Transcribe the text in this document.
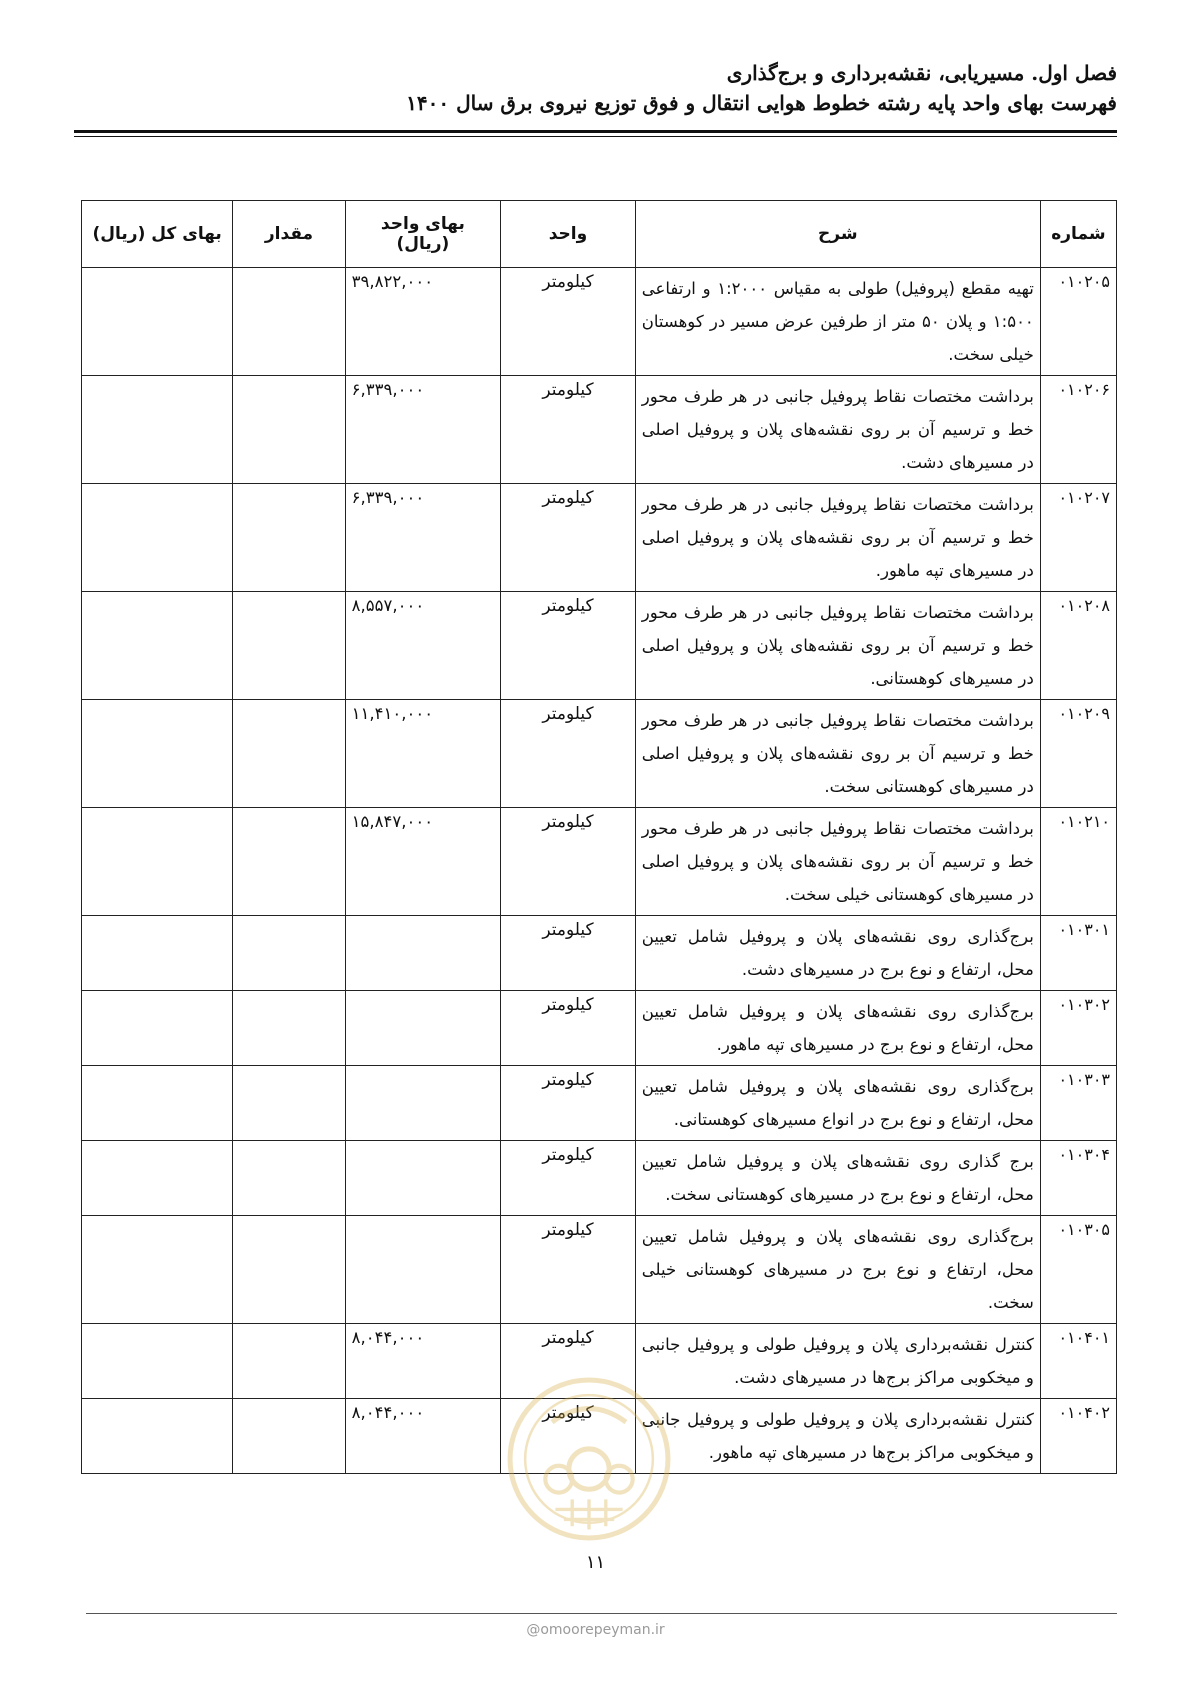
فصل اول. مسیریابی، نقشه‌برداری و برج‌گذاری
فهرست بهای واحد پایه رشته خطوط هوایی انتقال و فوق توزیع نیروی برق سال ۱۴۰۰
شماره	شرح	واحد	بهای واحد (ریال)	مقدار	بهای کل (ریال)
۰۱۰۲۰۵	تهیه مقطع (پروفیل) طولی به مقیاس ۱:۲۰۰۰ و ارتفاعی ۱:۵۰۰ و پلان ۵۰ متر از طرفین عرض مسیر در کوهستان خیلی سخت.	کیلومتر	۳۹,۸۲۲,۰۰۰		
۰۱۰۲۰۶	برداشت مختصات نقاط پروفیل جانبی در هر طرف محور خط و ترسیم آن بر روی نقشه‌های پلان و پروفیل اصلی در مسیرهای دشت.	کیلومتر	۶,۳۳۹,۰۰۰		
۰۱۰۲۰۷	برداشت مختصات نقاط پروفیل جانبی در هر طرف محور خط و ترسیم آن بر روی نقشه‌های پلان و پروفیل اصلی در مسیرهای تپه ماهور.	کیلومتر	۶,۳۳۹,۰۰۰		
۰۱۰۲۰۸	برداشت مختصات نقاط پروفیل جانبی در هر طرف محور خط و ترسیم آن بر روی نقشه‌های پلان و پروفیل اصلی در مسیرهای کوهستانی.	کیلومتر	۸,۵۵۷,۰۰۰		
۰۱۰۲۰۹	برداشت مختصات نقاط پروفیل جانبی در هر طرف محور خط و ترسیم آن بر روی نقشه‌های پلان و پروفیل اصلی در مسیرهای کوهستانی سخت.	کیلومتر	۱۱,۴۱۰,۰۰۰		
۰۱۰۲۱۰	برداشت مختصات نقاط پروفیل جانبی در هر طرف محور خط و ترسیم آن بر روی نقشه‌های پلان و پروفیل اصلی در مسیرهای کوهستانی خیلی سخت.	کیلومتر	۱۵,۸۴۷,۰۰۰		
۰۱۰۳۰۱	برج‌گذاری روی نقشه‌های پلان و پروفیل شامل تعیین محل، ارتفاع و نوع برج در مسیرهای دشت.	کیلومتر			
۰۱۰۳۰۲	برج‌گذاری روی نقشه‌های پلان و پروفیل شامل تعیین محل، ارتفاع و نوع برج در مسیرهای تپه ماهور.	کیلومتر			
۰۱۰۳۰۳	برج‌گذاری روی نقشه‌های پلان و پروفیل شامل تعیین محل، ارتفاع و نوع برج در انواع مسیرهای کوهستانی.	کیلومتر			
۰۱۰۳۰۴	برج گذاری روی نقشه‌های پلان و پروفیل شامل تعیین محل، ارتفاع و نوع برج در مسیرهای کوهستانی سخت.	کیلومتر			
۰۱۰۳۰۵	برج‌گذاری روی نقشه‌های پلان و پروفیل شامل تعیین محل، ارتفاع و نوع برج در مسیرهای کوهستانی خیلی سخت.	کیلومتر			
۰۱۰۴۰۱	کنترل نقشه‌برداری پلان و پروفیل طولی و پروفیل جانبی و میخکوبی مراکز برج‌ها در مسیرهای دشت.	کیلومتر	۸,۰۴۴,۰۰۰		
۰۱۰۴۰۲	کنترل نقشه‌برداری پلان و پروفیل طولی و پروفیل جانبی و میخکوبی مراکز برج‌ها در مسیرهای تپه ماهور.	کیلومتر	۸,۰۴۴,۰۰۰		
۱۱
@omoorepeyman.ir
